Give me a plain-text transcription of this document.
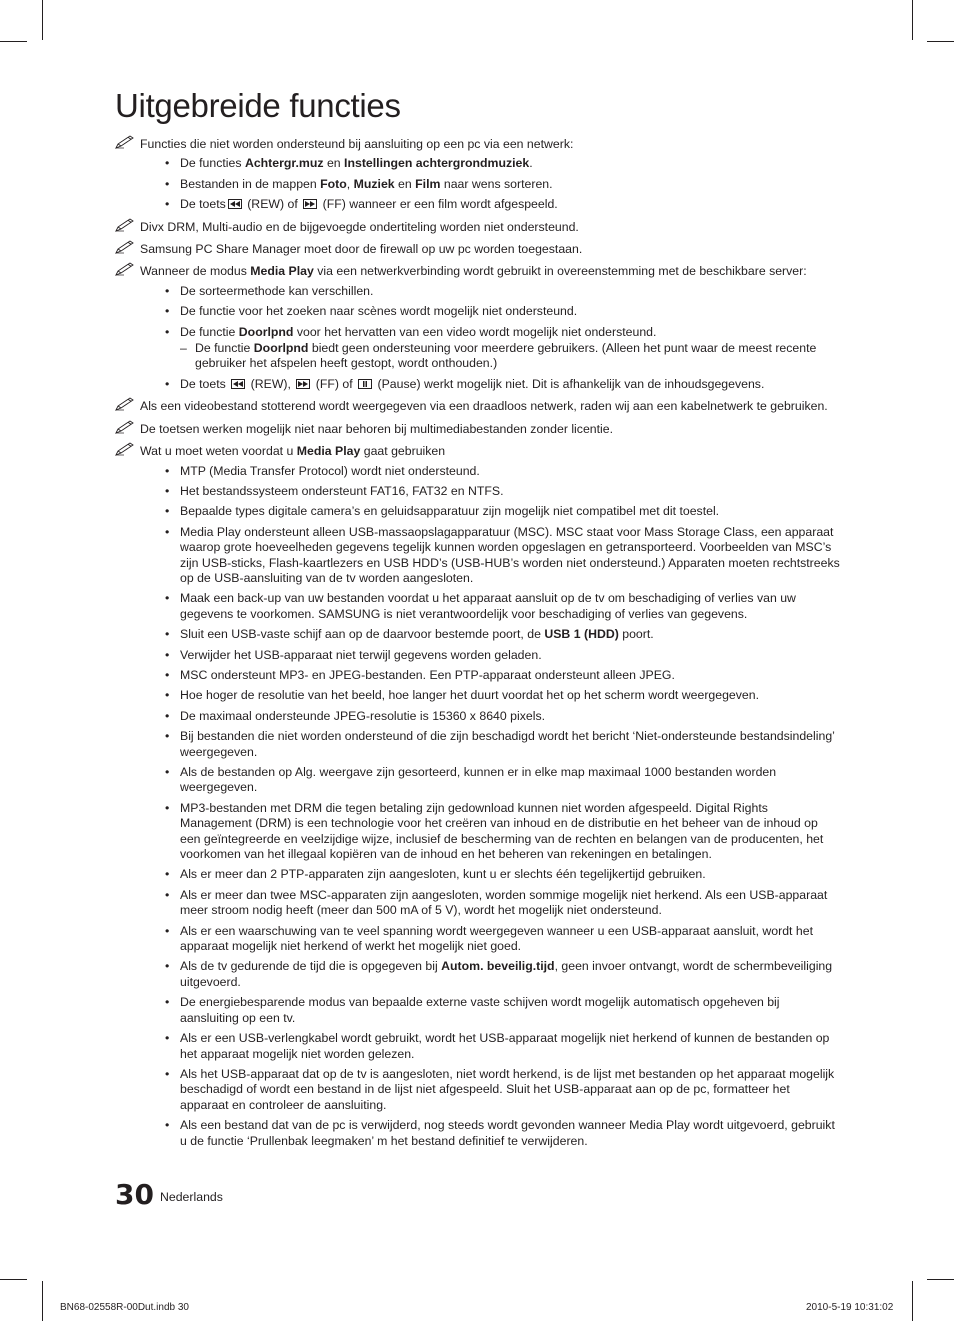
Uitgebreide functies
Functies die niet worden ondersteund bij aansluiting op een pc via een netwerk:
• De functies Achtergr.muz en Instellingen achtergrondmuziek.
• Bestanden in de mappen Foto, Muziek en Film naar wens sorteren.
• De toets
(REW) of
(FF) wanneer er een film wordt afgespeeld.
Divx DRM, Multi-audio en de bijgevoegde ondertiteling worden niet ondersteund.
Samsung PC Share Manager moet door de firewall op uw pc worden toegestaan.
Wanneer de modus Media Play via een netwerkverbinding wordt gebruikt in overeenstemming met de beschikbare server:
• De sorteermethode kan verschillen.
• De functie voor het zoeken naar scènes wordt mogelijk niet ondersteund.
• De functie Doorlpnd voor het hervatten van een video wordt mogelijk niet ondersteund.
– De functie Doorlpnd biedt geen ondersteuning voor meerdere gebruikers. (Alleen het punt waar de meest recente gebruiker het afspelen heeft gestopt, wordt onthouden.)
• De toets
(REW),
(FF) of
(Pause) werkt mogelijk niet. Dit is afhankelijk van de inhoudsgegevens.
Als een videobestand stotterend wordt weergegeven via een draadloos netwerk, raden wij aan een kabelnetwerk te gebruiken.
De toetsen werken mogelijk niet naar behoren bij multimediabestanden zonder licentie.
Wat u moet weten voordat u Media Play gaat gebruiken
• MTP (Media Transfer Protocol) wordt niet ondersteund.
• Het bestandssysteem ondersteunt FAT16, FAT32 en NTFS.
• Bepaalde types digitale camera’s en geluidsapparatuur zijn mogelijk niet compatibel met dit toestel.
• Media Play ondersteunt alleen USB-massaopslagapparatuur (MSC). MSC staat voor Mass Storage Class, een apparaat waarop grote hoeveelheden gegevens tegelijk kunnen worden opgeslagen en getransporteerd. Voorbeelden van MSC’s zijn USB-sticks, Flash-kaartlezers en USB HDD’s (USB-HUB’s worden niet ondersteund.) Apparaten moeten rechtstreeks op de USB-aansluiting van de tv worden aangesloten.
• Maak een back-up van uw bestanden voordat u het apparaat aansluit op de tv om beschadiging of verlies van uw gegevens te voorkomen. SAMSUNG is niet verantwoordelijk voor beschadiging of verlies van gegevens.
• Sluit een USB-vaste schijf aan op de daarvoor bestemde poort, de USB 1 (HDD) poort.
• Verwijder het USB-apparaat niet terwijl gegevens worden geladen.
• MSC ondersteunt MP3- en JPEG-bestanden. Een PTP-apparaat ondersteunt alleen JPEG.
• Hoe hoger de resolutie van het beeld, hoe langer het duurt voordat het op het scherm wordt weergegeven.
• De maximaal ondersteunde JPEG-resolutie is 15360 x 8640 pixels.
• Bij bestanden die niet worden ondersteund of die zijn beschadigd wordt het bericht ‘Niet-ondersteunde bestandsindeling’ weergegeven.
• Als de bestanden op Alg. weergave zijn gesorteerd, kunnen er in elke map maximaal 1000 bestanden worden weergegeven.
• MP3-bestanden met DRM die tegen betaling zijn gedownload kunnen niet worden afgespeeld. Digital Rights Management (DRM) is een technologie voor het creëren van inhoud en de distributie en het beheer van de inhoud op een geïntegreerde en veelzijdige wijze, inclusief de bescherming van de rechten en belangen van de producenten, het voorkomen van het illegaal kopiëren van de inhoud en het beheren van rekeningen en betalingen.
• Als er meer dan 2 PTP-apparaten zijn aangesloten, kunt u er slechts één tegelijkertijd gebruiken.
• Als er meer dan twee MSC-apparaten zijn aangesloten, worden sommige mogelijk niet herkend. Als een USB-apparaat meer stroom nodig heeft (meer dan 500 mA of 5 V), wordt het mogelijk niet ondersteund.
• Als er een waarschuwing van te veel spanning wordt weergegeven wanneer u een USB-apparaat aansluit, wordt het apparaat mogelijk niet herkend of werkt het mogelijk niet goed.
• Als de tv gedurende de tijd die is opgegeven bij Autom. beveilig.tijd, geen invoer ontvangt, wordt de schermbeveiliging uitgevoerd.
• De energiebesparende modus van bepaalde externe vaste schijven wordt mogelijk automatisch opgeheven bij aansluiting op een tv.
• Als er een USB-verlengkabel wordt gebruikt, wordt het USB-apparaat mogelijk niet herkend of kunnen de bestanden op het apparaat mogelijk niet worden gelezen.
• Als het USB-apparaat dat op de tv is aangesloten, niet wordt herkend, is de lijst met bestanden op het apparaat mogelijk beschadigd of wordt een bestand in de lijst niet afgespeeld. Sluit het USB-apparaat aan op de pc, formatteer het apparaat en controleer de aansluiting.
• Als een bestand dat van de pc is verwijderd, nog steeds wordt gevonden wanneer Media Play wordt uitgevoerd, gebruikt u de functie ‘Prullenbak leegmaken’ m het bestand definitief te verwijderen.
30 Nederlands
BN68-02558R-00Dut.indb 30	2010-5-19 10:31:02
